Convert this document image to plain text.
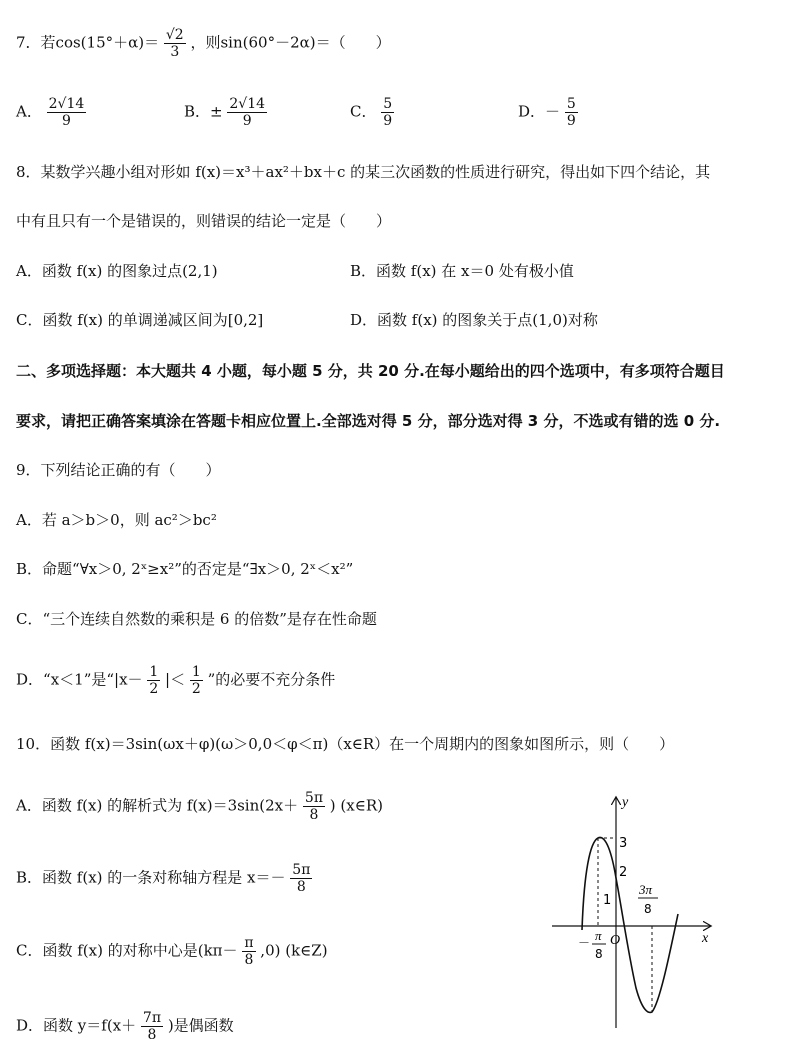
7．若$\cos(15^\circ+\alpha)= \frac{√2}{3}$ ，则sin(60°－2α)＝（　　）
A． $\frac{2√14}{9}$	B．± $\frac{2√14}{9}$	C． $\frac{5}{9}$	D．－ $\frac{5}{9}$
8．某数学兴趣小组对形如 f(x)＝x³＋ax²＋bx＋c 的某三次函数的性质进行研究，得出如下四个结论，其
中有且只有一个是错误的，则错误的结论一定是（　　）
A．函数 f(x) 的图象过点(2,1)	B．函数 f(x) 在 x＝0 处有极小值
C．函数 f(x) 的单调递减区间为[0,2]	D．函数 f(x) 的图象关于点(1,0)对称
二、多项选择题：本大题共 4 小题，每小题 5 分，共 20 分.在每小题给出的四个选项中，有多项符合题目
要求，请把正确答案填涂在答题卡相应位置上.全部选对得 5 分，部分选对得 3 分，不选或有错的选 0 分.
9．下列结论正确的有（　　）
A．若 a＞b＞0，则 ac²＞bc²
B．命题“∀x＞0, 2ˣ≥x²”的否定是“∃x＞0, 2ˣ＜x²”
C．“三个连续自然数的乘积是 6 的倍数”是存在性命题
D．“x＜1”是“$|x- \frac{1}{2}$ |＜ $\frac{1}{2}$ ”的必要不充分条件
10．函数 f(x)＝3sin(ωx＋φ)(ω＞0,0＜φ＜π)（x∈R）在一个周期内的图象如图所示，则（　　）
A．函数 f(x) 的解析式为 $f(x)=3\sin(2x+ \frac{5\pi}{8}$ ) (x∈R)
B．函数 f(x) 的一条对称轴方程是 $x=- \frac{5\pi}{8}$
C．函数 f(x) 的对称中心是$(k\pi- \frac{\pi}{8} ,0)$ (k∈Z)
D．函数 $y=f(x+ \frac{7\pi}{8}$ )是偶函数
y
x
O
3
2
1
－ π
8
3π
8
